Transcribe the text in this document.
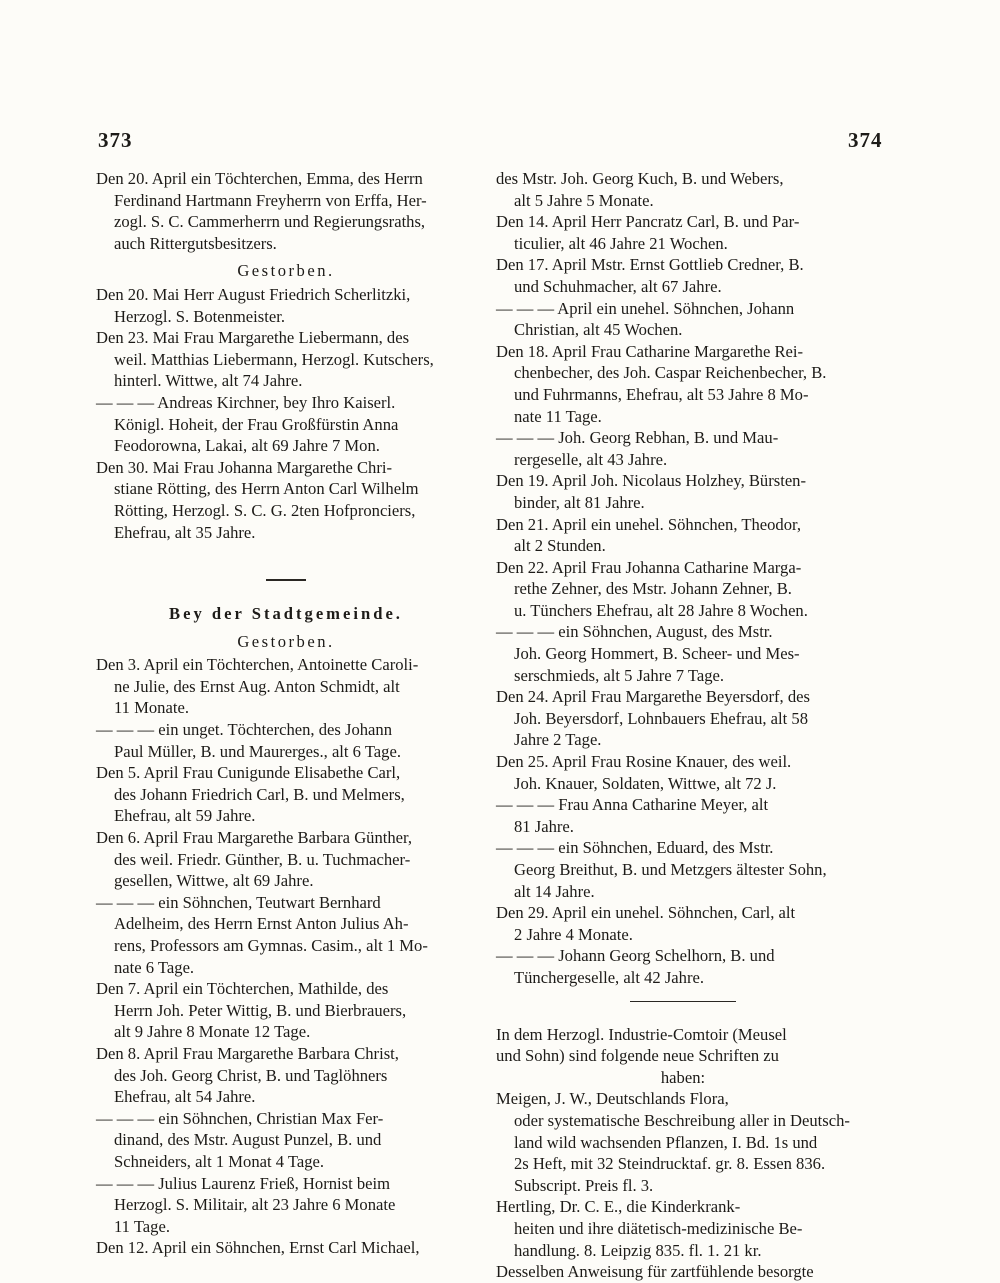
373	374
Den 20. April ein Töchterchen, Emma, des Herrn
Ferdinand Hartmann Freyherrn von Erffa, Her-
zogl. S. C. Cammerherrn und Regierungsraths,
auch Rittergutsbesitzers.
Gestorben.
Den 20. Mai Herr August Friedrich Scherlitzki,
Herzogl. S. Botenmeister.
Den 23. Mai Frau Margarethe Liebermann, des
weil. Matthias Liebermann, Herzogl. Kutschers,
hinterl. Wittwe, alt 74 Jahre.
— — — Andreas Kirchner, bey Ihro Kaiserl.
Königl. Hoheit, der Frau Großfürstin Anna
Feodorowna, Lakai, alt 69 Jahre 7 Mon.
Den 30. Mai Frau Johanna Margarethe Chri-
stiane Rötting, des Herrn Anton Carl Wilhelm
Rötting, Herzogl. S. C. G. 2ten Hofpronciers,
Ehefrau, alt 35 Jahre.
Bey der Stadtgemeinde.
Gestorben.
Den 3. April ein Töchterchen, Antoinette Caroli-
ne Julie, des Ernst Aug. Anton Schmidt, alt
11 Monate.
— — — ein unget. Töchterchen, des Johann
Paul Müller, B. und Maurerges., alt 6 Tage.
Den 5. April Frau Cunigunde Elisabethe Carl,
des Johann Friedrich Carl, B. und Melmers,
Ehefrau, alt 59 Jahre.
Den 6. April Frau Margarethe Barbara Günther,
des weil. Friedr. Günther, B. u. Tuchmacher-
gesellen, Wittwe, alt 69 Jahre.
— — — ein Söhnchen, Teutwart Bernhard
Adelheim, des Herrn Ernst Anton Julius Ah-
rens, Professors am Gymnas. Casim., alt 1 Mo-
nate 6 Tage.
Den 7. April ein Töchterchen, Mathilde, des
Herrn Joh. Peter Wittig, B. und Bierbrauers,
alt 9 Jahre 8 Monate 12 Tage.
Den 8. April Frau Margarethe Barbara Christ,
des Joh. Georg Christ, B. und Taglöhners
Ehefrau, alt 54 Jahre.
— — — ein Söhnchen, Christian Max Fer-
dinand, des Mstr. August Punzel, B. und
Schneiders, alt 1 Monat 4 Tage.
— — — Julius Laurenz Frieß, Hornist beim
Herzogl. S. Militair, alt 23 Jahre 6 Monate
11 Tage.
Den 12. April ein Söhnchen, Ernst Carl Michael,
des Mstr. Joh. Georg Kuch, B. und Webers,
alt 5 Jahre 5 Monate.
Den 14. April Herr Pancratz Carl, B. und Par-
ticulier, alt 46 Jahre 21 Wochen.
Den 17. April Mstr. Ernst Gottlieb Credner, B.
und Schuhmacher, alt 67 Jahre.
— — — April ein unehel. Söhnchen, Johann
Christian, alt 45 Wochen.
Den 18. April Frau Catharine Margarethe Rei-
chenbecher, des Joh. Caspar Reichenbecher, B.
und Fuhrmanns, Ehefrau, alt 53 Jahre 8 Mo-
nate 11 Tage.
— — — Joh. Georg Rebhan, B. und Mau-
rergeselle, alt 43 Jahre.
Den 19. April Joh. Nicolaus Holzhey, Bürsten-
binder, alt 81 Jahre.
Den 21. April ein unehel. Söhnchen, Theodor,
alt 2 Stunden.
Den 22. April Frau Johanna Catharine Marga-
rethe Zehner, des Mstr. Johann Zehner, B.
u. Tünchers Ehefrau, alt 28 Jahre 8 Wochen.
— — — ein Söhnchen, August, des Mstr.
Joh. Georg Hommert, B. Scheer- und Mes-
serschmieds, alt 5 Jahre 7 Tage.
Den 24. April Frau Margarethe Beyersdorf, des
Joh. Beyersdorf, Lohnbauers Ehefrau, alt 58
Jahre 2 Tage.
Den 25. April Frau Rosine Knauer, des weil.
Joh. Knauer, Soldaten, Wittwe, alt 72 J.
— — — Frau Anna Catharine Meyer, alt
81 Jahre.
— — — ein Söhnchen, Eduard, des Mstr.
Georg Breithut, B. und Metzgers ältester Sohn,
alt 14 Jahre.
Den 29. April ein unehel. Söhnchen, Carl, alt
2 Jahre 4 Monate.
— — — Johann Georg Schelhorn, B. und
Tünchergeselle, alt 42 Jahre.
In dem Herzogl. Industrie-Comtoir (Meusel
und Sohn) sind folgende neue Schriften zu
haben:
Meigen, J. W., Deutschlands Flora,
oder systematische Beschreibung aller in Deutsch-
land wild wachsenden Pflanzen, I. Bd. 1s und
2s Heft, mit 32 Steindrucktaf. gr. 8. Essen 836.
Subscript. Preis fl. 3.
Hertling, Dr. C. E., die Kinderkrank-
heiten und ihre diätetisch-medizinische Be-
handlung. 8. Leipzig 835. fl. 1. 21 kr.
Desselben Anweisung für zartfühlende besorgte
